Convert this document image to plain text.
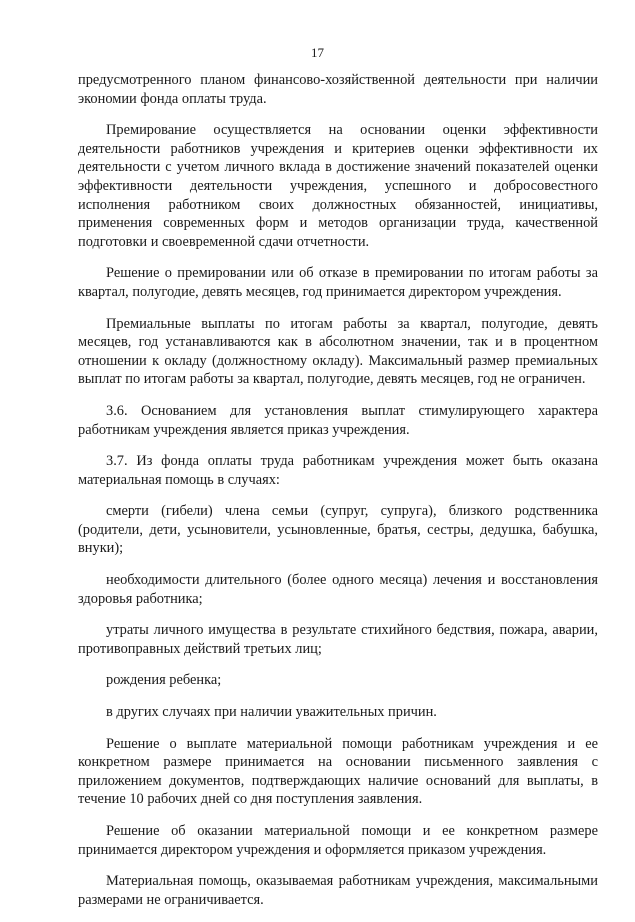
17

предусмотренного планом финансово-хозяйственной деятельности при наличии экономии фонда оплаты труда.

Премирование осуществляется на основании оценки эффективности деятельности работников учреждения и критериев оценки эффективности их деятельности с учетом личного вклада в достижение значений показателей оценки эффективности деятельности учреждения, успешного и добросовестного исполнения работником своих должностных обязанностей, инициативы, применения современных форм и методов организации труда, качественной подготовки и своевременной сдачи отчетности.

Решение о премировании или об отказе в премировании по итогам работы за квартал, полугодие, девять месяцев, год принимается директором учреждения.

Премиальные выплаты по итогам работы за квартал, полугодие, девять месяцев, год устанавливаются как в абсолютном значении, так и в процентном отношении к окладу (должностному окладу). Максимальный размер премиальных выплат по итогам работы за квартал, полугодие, девять месяцев, год не ограничен.

3.6. Основанием для установления выплат стимулирующего характера работникам учреждения является приказ учреждения.

3.7. Из фонда оплаты труда работникам учреждения может быть оказана материальная помощь в случаях:

смерти (гибели) члена семьи (супруг, супруга), близкого родственника (родители, дети, усыновители, усыновленные, братья, сестры, дедушка, бабушка, внуки);

необходимости длительного (более одного месяца) лечения и восстановления здоровья работника;

утраты личного имущества в результате стихийного бедствия, пожара, аварии, противоправных действий третьих лиц;

рождения ребенка;

в других случаях при наличии уважительных причин.

Решение о выплате материальной помощи работникам учреждения и ее конкретном размере принимается на основании письменного заявления с приложением документов, подтверждающих наличие оснований для выплаты, в течение 10 рабочих дней со дня поступления заявления.

Решение об оказании материальной помощи и ее конкретном размере принимается директором учреждения и оформляется приказом учреждения.

Материальная помощь, оказываемая работникам учреждения, максимальными размерами не ограничивается.
